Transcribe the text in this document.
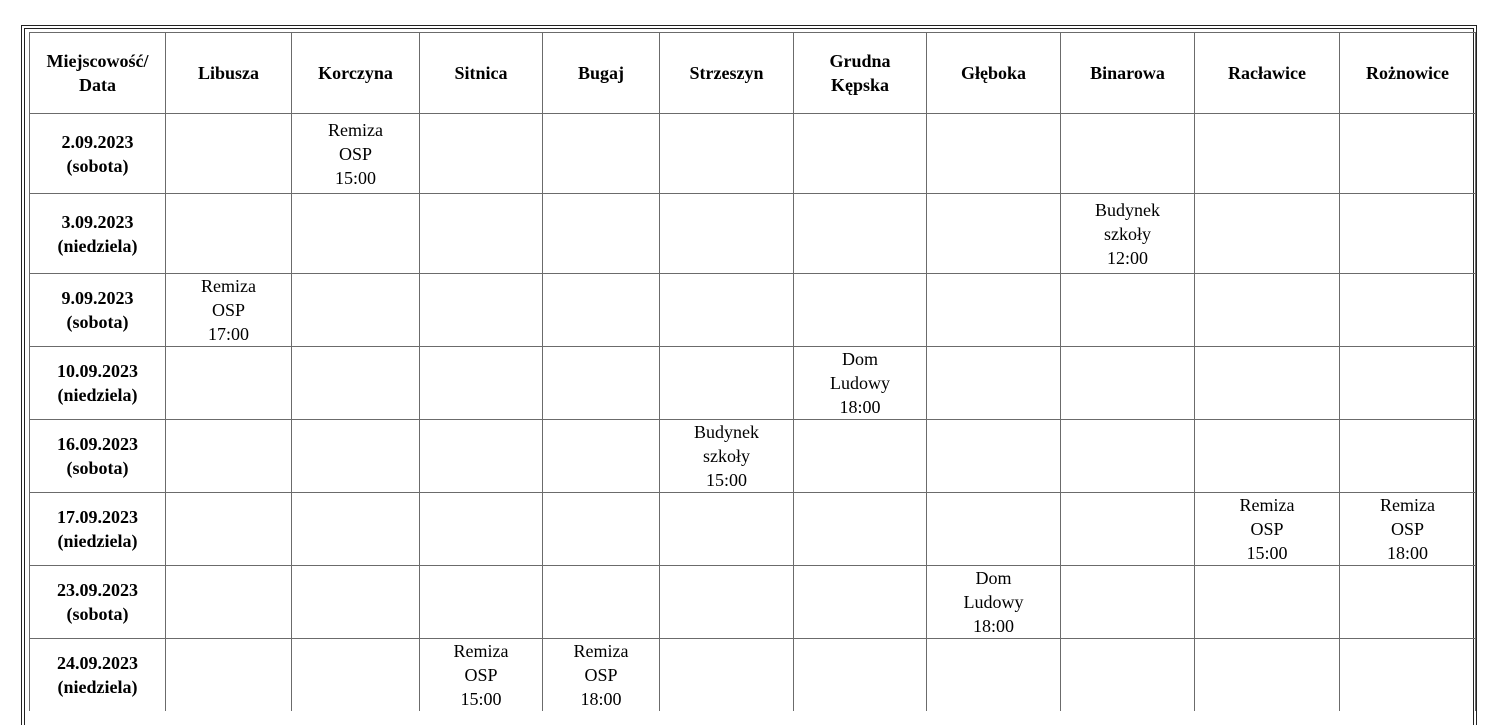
Miejscowość/
Data	Libusza	Korczyna	Sitnica	Bugaj	Strzeszyn	Grudna
Kępska	Głęboka	Binarowa	Racławice	Rożnowice

2.09.2023
(sobota)		Remiza
OSP
15:00								

3.09.2023
(niedziela)								Budynek
szkoły
12:00		

9.09.2023
(sobota)	Remiza
OSP
17:00									

10.09.2023
(niedziela)						Dom
Ludowy
18:00				

16.09.2023
(sobota)					Budynek
szkoły
15:00					

17.09.2023
(niedziela)									Remiza
OSP
15:00	Remiza
OSP
18:00

23.09.2023
(sobota)							Dom
Ludowy
18:00			

24.09.2023
(niedziela)			Remiza
OSP
15:00	Remiza
OSP
18:00						
